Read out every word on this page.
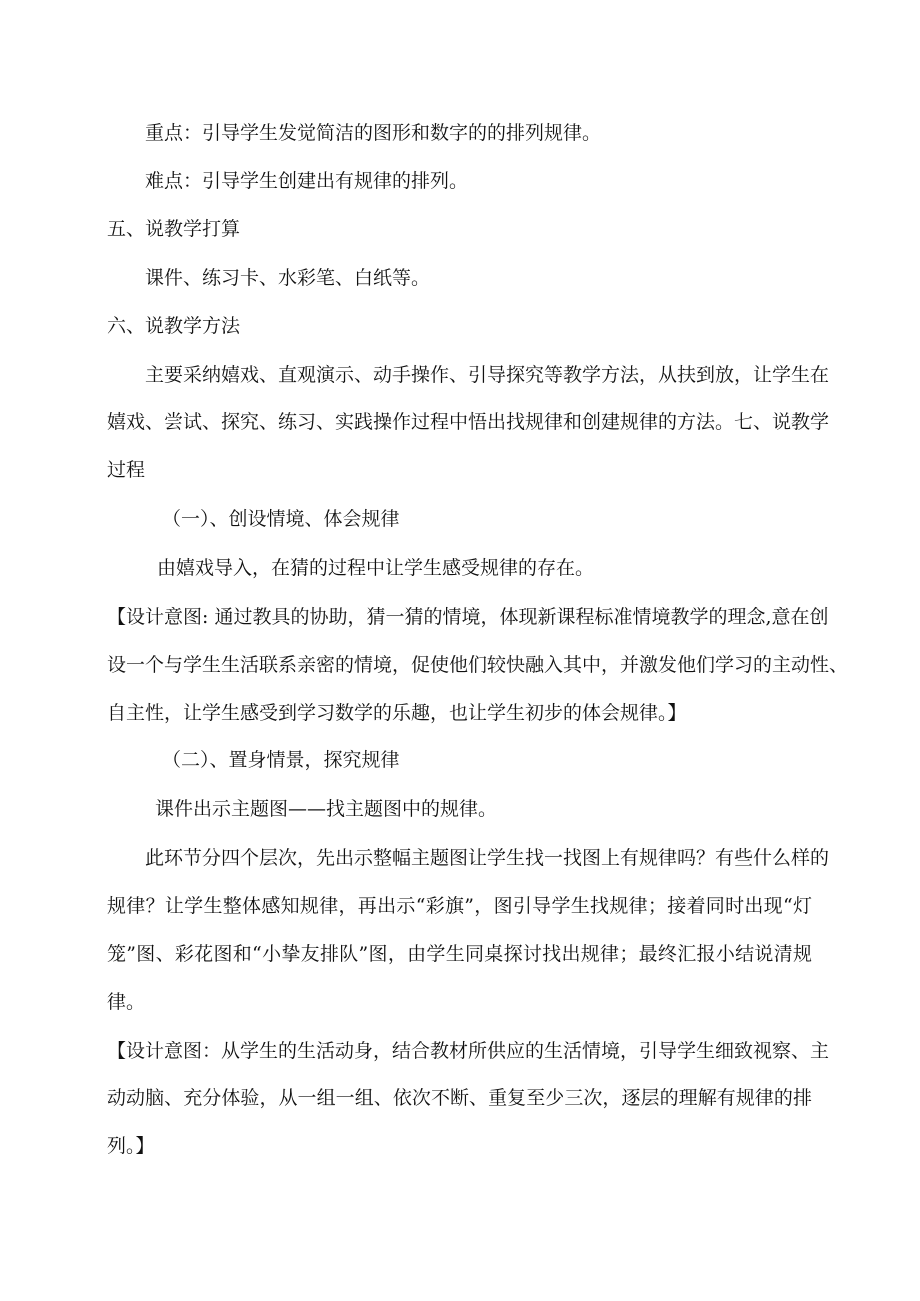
重点：引导学生发觉简洁的图形和数字的的排列规律。
难点：引导学生创建出有规律的排列。
五、说教学打算
课件、练习卡、水彩笔、白纸等。
六、说教学方法
主要采纳嬉戏、直观演示、动手操作、引导探究等教学方法，从扶到放，让学生在
嬉戏、尝试、探究、练习、实践操作过程中悟出找规律和创建规律的方法。七、说教学
过程
（一）、创设情境、体会规律
由嬉戏导入，在猜的过程中让学生感受规律的存在。
【设计意图: 通过教具的协助，猜一猜的情境，体现新课程标准情境教学的理念,意在创
设一个与学生生活联系亲密的情境，促使他们较快融入其中，并激发他们学习的主动性、
自主性，让学生感受到学习数学的乐趣，也让学生初步的体会规律。】
（二）、置身情景，探究规律
课件出示主题图——找主题图中的规律。
此环节分四个层次，先出示整幅主题图让学生找一找图上有规律吗？有些什么样的
规律？让学生整体感知规律，再出示“彩旗”，图引导学生找规律；接着同时出现“灯
笼”图、彩花图和“小挚友排队”图，由学生同桌探讨找出规律；最终汇报小结说清规
律。
【设计意图：从学生的生活动身，结合教材所供应的生活情境，引导学生细致视察、主
动动脑、充分体验，从一组一组、依次不断、重复至少三次，逐层的理解有规律的排
列。】
